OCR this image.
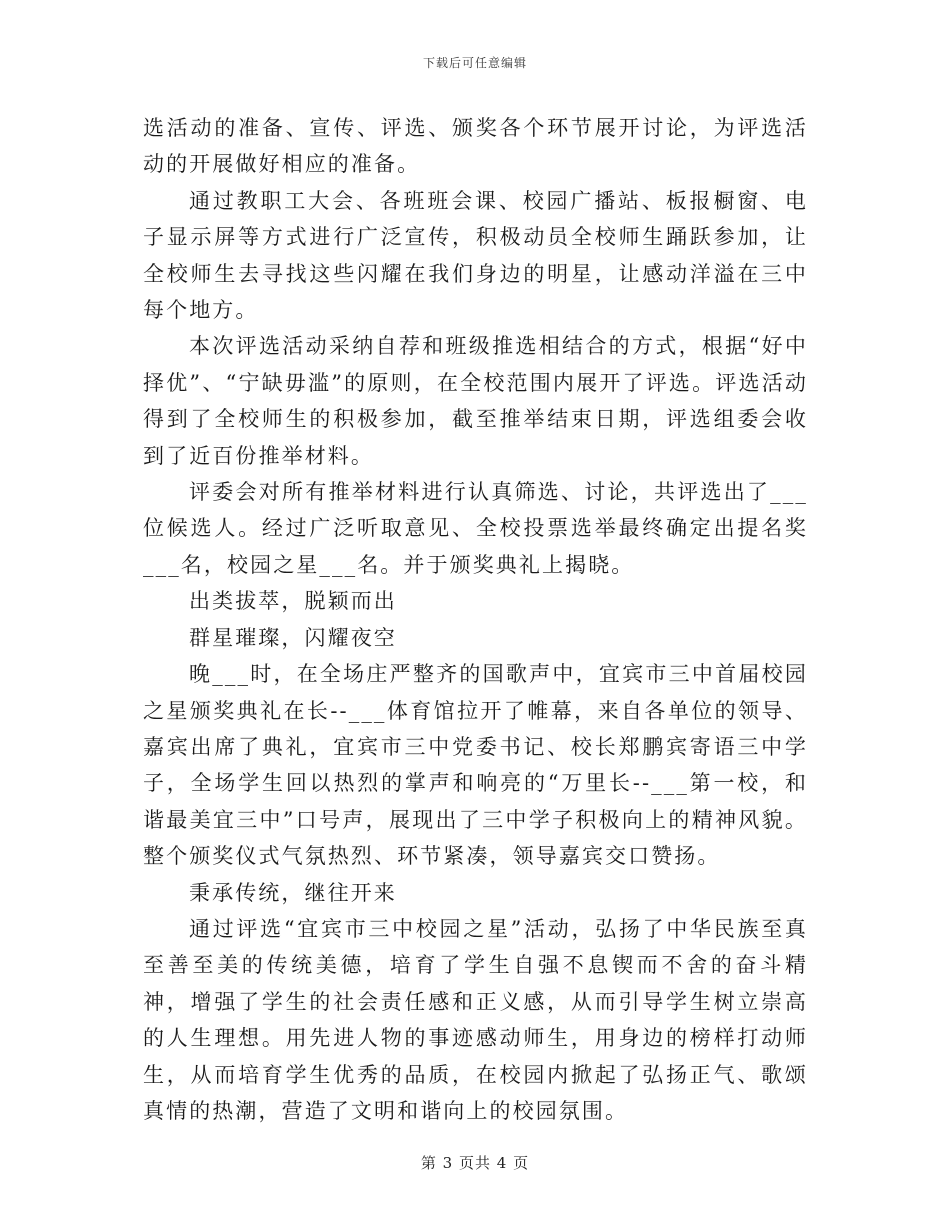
下载后可任意编辑

选活动的准备、宣传、评选、颁奖各个环节展开讨论，为评选活动的开展做好相应的准备。

通过教职工大会、各班班会课、校园广播站、板报橱窗、电子显示屏等方式进行广泛宣传，积极动员全校师生踊跃参加，让全校师生去寻找这些闪耀在我们身边的明星，让感动洋溢在三中每个地方。

本次评选活动采纳自荐和班级推选相结合的方式，根据“好中择优”、“宁缺毋滥”的原则，在全校范围内展开了评选。评选活动得到了全校师生的积极参加，截至推举结束日期，评选组委会收到了近百份推举材料。

评委会对所有推举材料进行认真筛选、讨论，共评选出了___位候选人。经过广泛听取意见、全校投票选举最终确定出提名奖___名，校园之星___名。并于颁奖典礼上揭晓。

出类拔萃，脱颖而出

群星璀璨，闪耀夜空

晚___时，在全场庄严整齐的国歌声中，宜宾市三中首届校园之星颁奖典礼在长--___体育馆拉开了帷幕，来自各单位的领导、嘉宾出席了典礼，宜宾市三中党委书记、校长郑鹏宾寄语三中学子，全场学生回以热烈的掌声和响亮的“万里长--___第一校，和谐最美宜三中”口号声，展现出了三中学子积极向上的精神风貌。整个颁奖仪式气氛热烈、环节紧凑，领导嘉宾交口赞扬。

秉承传统，继往开来

通过评选“宜宾市三中校园之星”活动，弘扬了中华民族至真至善至美的传统美德，培育了学生自强不息锲而不舍的奋斗精神，增强了学生的社会责任感和正义感，从而引导学生树立崇高的人生理想。用先进人物的事迹感动师生，用身边的榜样打动师生，从而培育学生优秀的品质，在校园内掀起了弘扬正气、歌颂真情的热潮，营造了文明和谐向上的校园氛围。

第 3 页共 4 页
